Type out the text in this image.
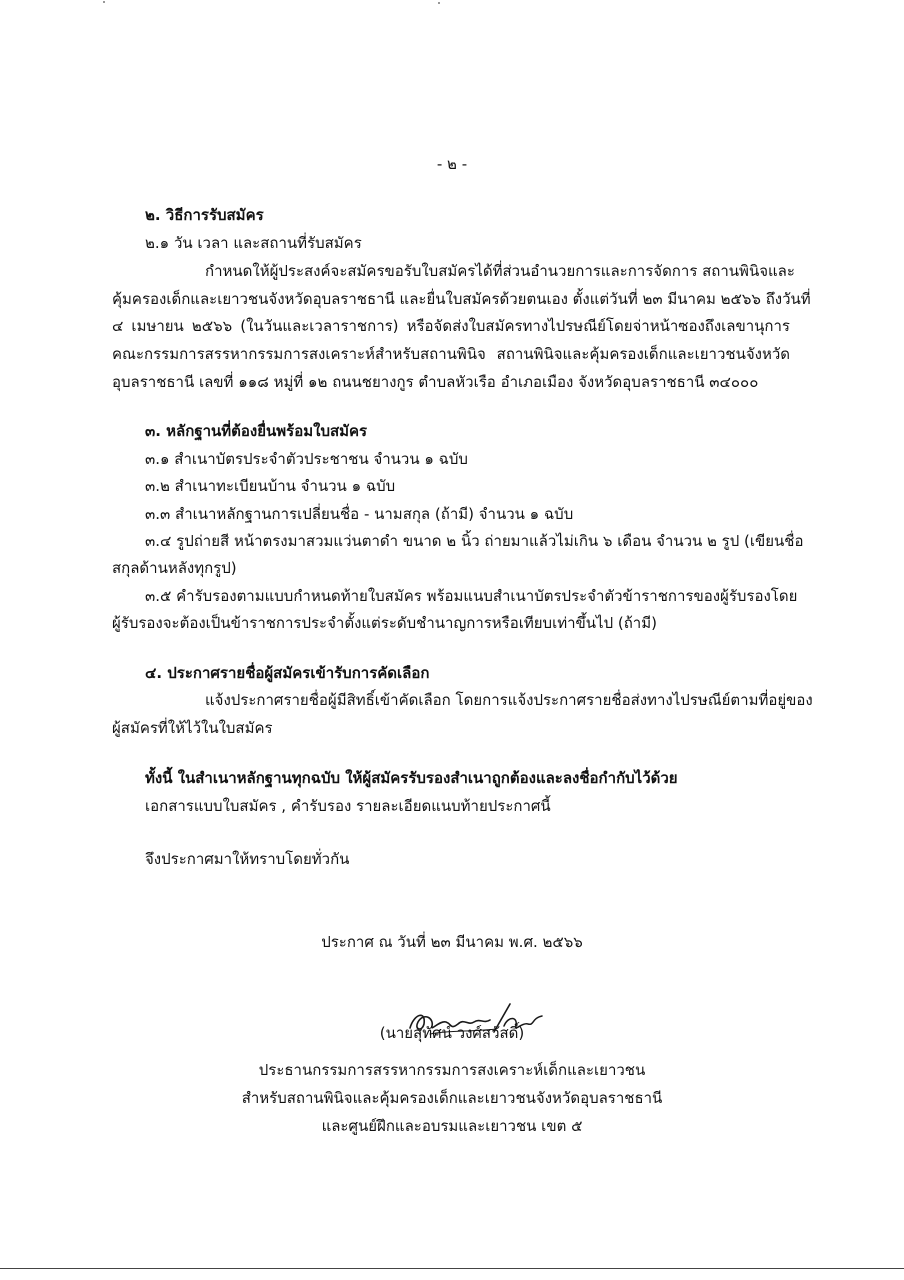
- ๒ -
๒. วิธีการรับสมัคร
๒.๑ วัน เวลา และสถานที่รับสมัคร
กำหนดให้ผู้ประสงค์จะสมัครขอรับใบสมัครได้ที่ส่วนอำนวยการและการจัดการ สถานพินิจและ
คุ้มครองเด็กและเยาวชนจังหวัดอุบลราชธานี และยื่นใบสมัครด้วยตนเอง ตั้งแต่วันที่ ๒๓ มีนาคม ๒๕๖๖ ถึงวันที่
๔ เมษายน ๒๕๖๖ (ในวันและเวลาราชการ) หรือจัดส่งใบสมัครทางไปรษณีย์โดยจ่าหน้าซองถึงเลขานุการ
คณะกรรมการสรรหากรรมการสงเคราะห์สำหรับสถานพินิจ สถานพินิจและคุ้มครองเด็กและเยาวชนจังหวัด
อุบลราชธานี เลขที่ ๑๑๘ หมู่ที่ ๑๒ ถนนชยางกูร ตำบลหัวเรือ อำเภอเมือง จังหวัดอุบลราชธานี ๓๔๐๐๐
๓. หลักฐานที่ต้องยื่นพร้อมใบสมัคร
๓.๑ สำเนาบัตรประจำตัวประชาชน จำนวน ๑ ฉบับ
๓.๒ สำเนาทะเบียนบ้าน จำนวน ๑ ฉบับ
๓.๓ สำเนาหลักฐานการเปลี่ยนชื่อ - นามสกุล (ถ้ามี) จำนวน ๑ ฉบับ
๓.๔ รูปถ่ายสี หน้าตรงมาสวมแว่นตาดำ ขนาด ๒ นิ้ว ถ่ายมาแล้วไม่เกิน ๖ เดือน จำนวน ๒ รูป (เขียนชื่อ
สกุลด้านหลังทุกรูป)
๓.๕ คำรับรองตามแบบกำหนดท้ายใบสมัคร พร้อมแนบสำเนาบัตรประจำตัวข้าราชการของผู้รับรองโดย
ผู้รับรองจะต้องเป็นข้าราชการประจำตั้งแต่ระดับชำนาญการหรือเทียบเท่าขึ้นไป (ถ้ามี)
๔. ประกาศรายชื่อผู้สมัครเข้ารับการคัดเลือก
แจ้งประกาศรายชื่อผู้มีสิทธิ์เข้าคัดเลือก โดยการแจ้งประกาศรายชื่อส่งทางไปรษณีย์ตามที่อยู่ของ
ผู้สมัครที่ให้ไว้ในใบสมัคร
ทั้งนี้ ในสำเนาหลักฐานทุกฉบับ ให้ผู้สมัครรับรองสำเนาถูกต้องและลงชื่อกำกับไว้ด้วย
เอกสารแบบใบสมัคร , คำรับรอง รายละเอียดแนบท้ายประกาศนี้
จึงประกาศมาให้ทราบโดยทั่วกัน
ประกาศ ณ วันที่ ๒๓ มีนาคม พ.ศ. ๒๕๖๖
(นายสุทัศน์ วงศ์สวัสดิ์)
ประธานกรรมการสรรหากรรมการสงเคราะห์เด็กและเยาวชน
สำหรับสถานพินิจและคุ้มครองเด็กและเยาวชนจังหวัดอุบลราชธานี
และศูนย์ฝึกและอบรมและเยาวชน เขต ๕
